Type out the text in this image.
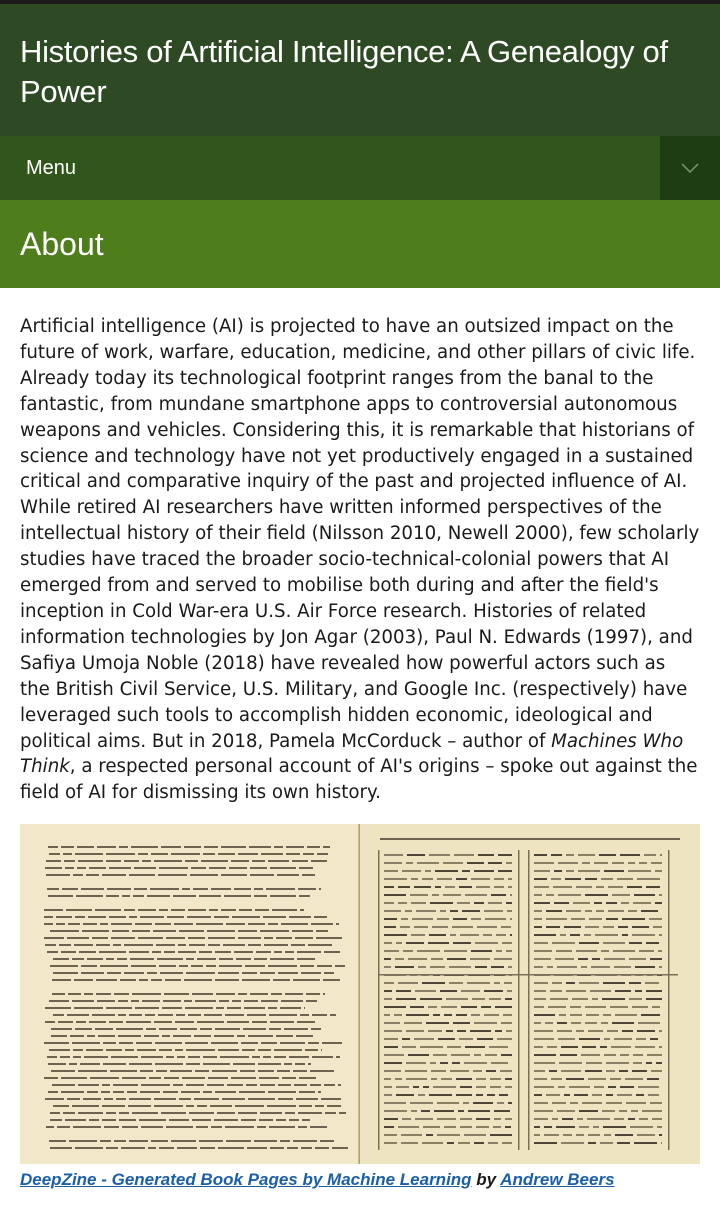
Histories of Artificial Intelligence: A Genealogy of Power
Menu
About

Artificial intelligence (AI) is projected to have an outsized impact on the future of work, warfare, education, medicine, and other pillars of civic life. Already today its technological footprint ranges from the banal to the fantastic, from mundane smartphone apps to controversial autonomous weapons and vehicles. Considering this, it is remarkable that historians of science and technology have not yet productively engaged in a sustained critical and comparative inquiry of the past and projected influence of AI. While retired AI researchers have written informed perspectives of the intellectual history of their field (Nilsson 2010, Newell 2000), few scholarly studies have traced the broader socio-technical-colonial powers that AI emerged from and served to mobilise both during and after the field's inception in Cold War-era U.S. Air Force research. Histories of related information technologies by Jon Agar (2003), Paul N. Edwards (1997), and Safiya Umoja Noble (2018) have revealed how powerful actors such as the British Civil Service, U.S. Military, and Google Inc. (respectively) have leveraged such tools to accomplish hidden economic, ideological and political aims. But in 2018, Pamela McCorduck – author of Machines Who Think, a respected personal account of AI's origins – spoke out against the field of AI for dismissing its own history.

DeepZine - Generated Book Pages by Machine Learning by Andrew Beers
